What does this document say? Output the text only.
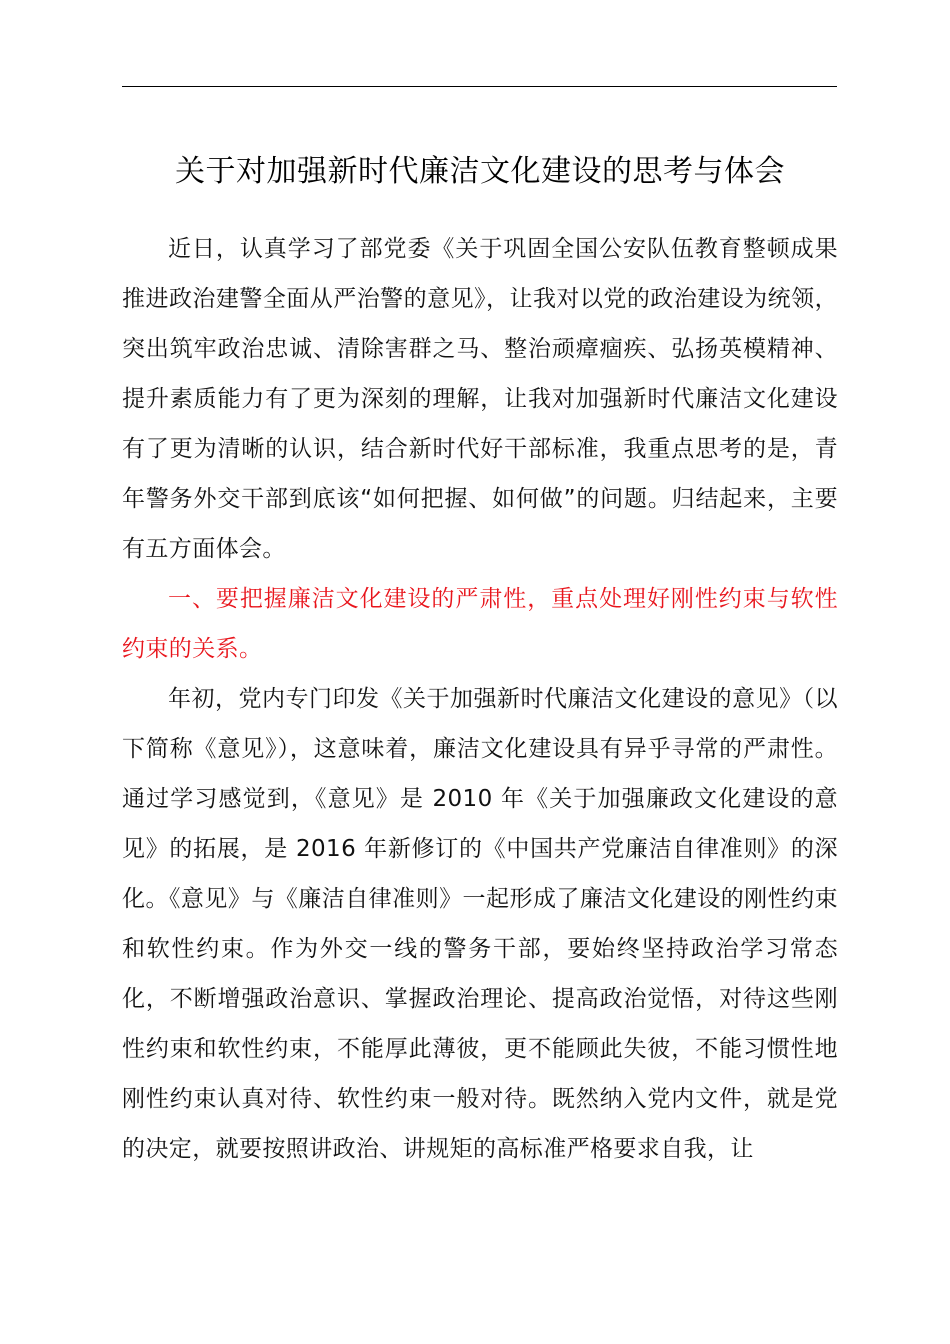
关于对加强新时代廉洁文化建设的思考与体会

近日，认真学习了部党委《关于巩固全国公安队伍教育整顿成果推进政治建警全面从严治警的意见》，让我对以党的政治建设为统领，突出筑牢政治忠诚、清除害群之马、整治顽瘴痼疾、弘扬英模精神、提升素质能力有了更为深刻的理解，让我对加强新时代廉洁文化建设有了更为清晰的认识，结合新时代好干部标准，我重点思考的是，青年警务外交干部到底该“如何把握、如何做”的问题。归结起来，主要有五方面体会。

一、要把握廉洁文化建设的严肃性，重点处理好刚性约束与软性约束的关系。

年初，党内专门印发《关于加强新时代廉洁文化建设的意见》（以下简称《意见》），这意味着，廉洁文化建设具有异乎寻常的严肃性。通过学习感觉到，《意见》是 2010 年《关于加强廉政文化建设的意见》的拓展，是 2016 年新修订的《中国共产党廉洁自律准则》的深化。《意见》与《廉洁自律准则》一起形成了廉洁文化建设的刚性约束和软性约束。作为外交一线的警务干部，要始终坚持政治学习常态化，不断增强政治意识、掌握政治理论、提高政治觉悟，对待这些刚性约束和软性约束，不能厚此薄彼，更不能顾此失彼，不能习惯性地刚性约束认真对待、软性约束一般对待。既然纳入党内文件，就是党的决定，就要按照讲政治、讲规矩的高标准严格要求自我，让
